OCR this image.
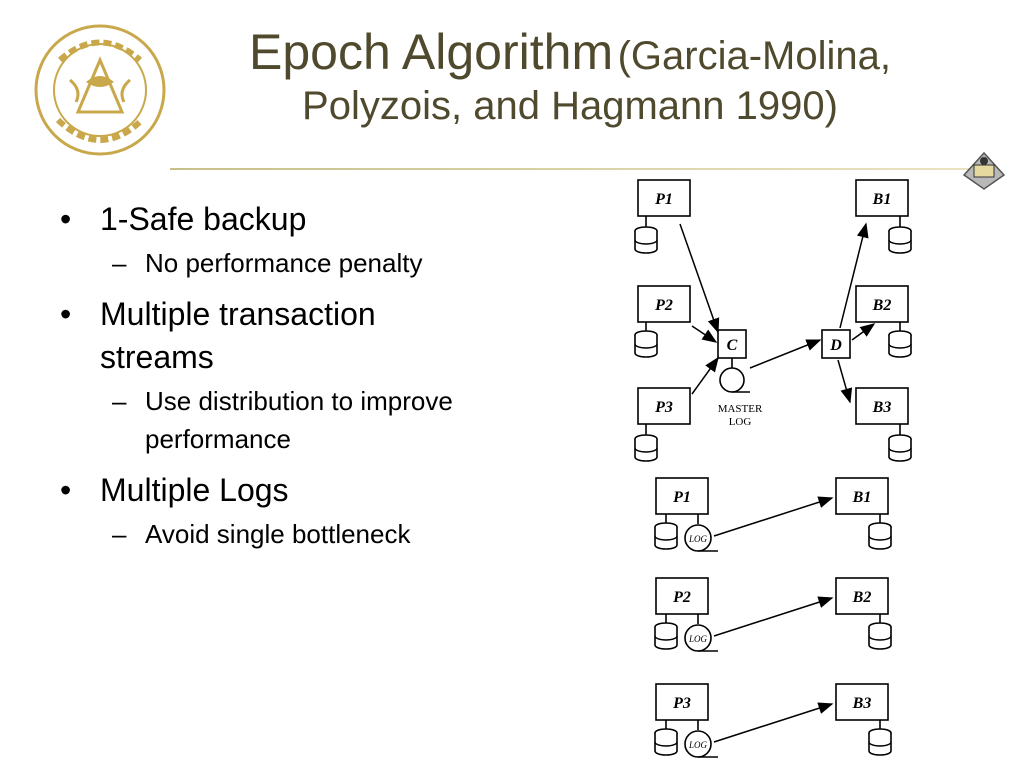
Epoch Algorithm (Garcia-Molina,
Polyzois, and Hagmann 1990)
• 1-Safe backup
– No performance penalty
• Multiple transaction streams
– Use distribution to improve performance
• Multiple Logs
– Avoid single bottleneck
P1
P2
P3
C
MASTER
LOG
D
B1
B2
B3
P1
LOG
B1
P2
LOG
B2
P3
LOG
B3
